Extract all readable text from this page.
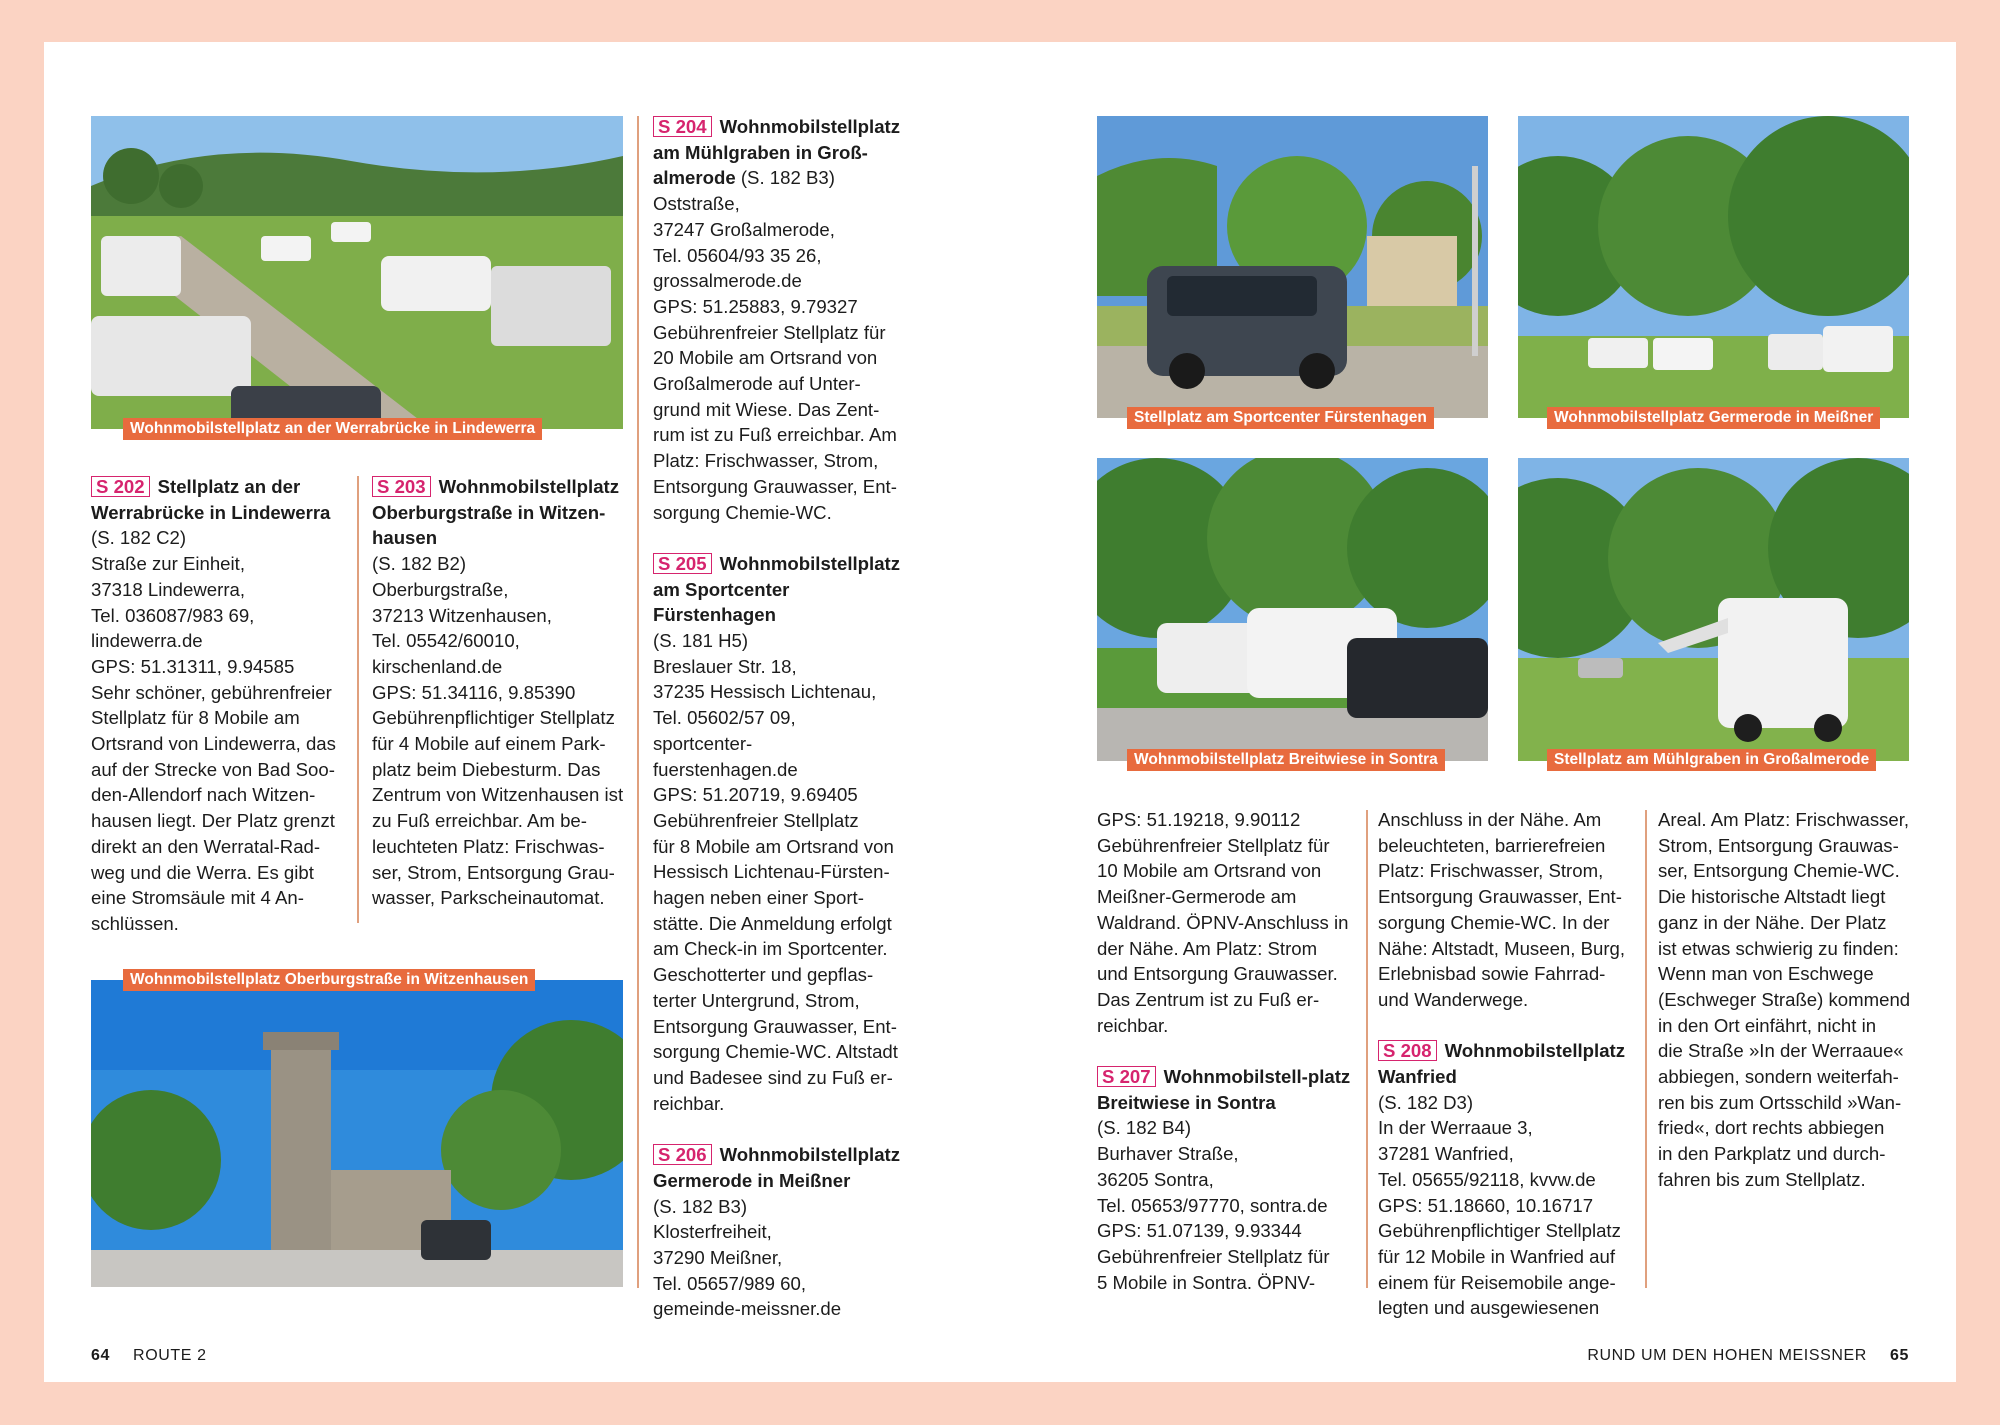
Wohnmobilstellplatz an der Werrabrücke in Lindewerra
Wohnmobilstellplatz Oberburgstraße in Witzenhausen

S 202 Stellplatz an der Werrabrücke in Lindewerra
(S. 182 C2)
Straße zur Einheit,
37318 Lindewerra,
Tel. 036087/983 69,
lindewerra.de
GPS: 51.31311, 9.94585
Sehr schöner, gebührenfreier
Stellplatz für 8 Mobile am
Ortsrand von Lindewerra, das
auf der Strecke von Bad Soo-
den-Allendorf nach Witzen-
hausen liegt. Der Platz grenzt
direkt an den Werratal-Rad-
weg und die Werra. Es gibt
eine Stromsäule mit 4 An-
schlüssen.

S 203 Wohnmobilstellplatz Oberburgstraße in Witzen-hausen
(S. 182 B2)
Oberburgstraße,
37213 Witzenhausen,
Tel. 05542/60010,
kirschenland.de
GPS: 51.34116, 9.85390
Gebührenpflichtiger Stellplatz
für 4 Mobile auf einem Park-
platz beim Diebesturm. Das
Zentrum von Witzenhausen ist
zu Fuß erreichbar. Am be-
leuchteten Platz: Frischwas-
ser, Strom, Entsorgung Grau-
wasser, Parkscheinautomat.

S 204 Wohnmobilstellplatz am Mühlgraben in Groß-almerode (S. 182 B3)
Oststraße,
37247 Großalmerode,
Tel. 05604/93 35 26,
grossalmerode.de
GPS: 51.25883, 9.79327
Gebührenfreier Stellplatz für
20 Mobile am Ortsrand von
Großalmerode auf Unter-
grund mit Wiese. Das Zent-
rum ist zu Fuß erreichbar. Am
Platz: Frischwasser, Strom,
Entsorgung Grauwasser, Ent-
sorgung Chemie-WC.

S 205 Wohnmobilstellplatz am Sportcenter Fürstenhagen
(S. 181 H5)
Breslauer Str. 18,
37235 Hessisch Lichtenau,
Tel. 05602/57 09,
sportcenter-
fuerstenhagen.de
GPS: 51.20719, 9.69405
Gebührenfreier Stellplatz
für 8 Mobile am Ortsrand von
Hessisch Lichtenau-Fürsten-
hagen neben einer Sport-
stätte. Die Anmeldung erfolgt
am Check-in im Sportcenter.
Geschotterter und gepflas-
terter Untergrund, Strom,
Entsorgung Grauwasser, Ent-
sorgung Chemie-WC. Altstadt
und Badesee sind zu Fuß er-
reichbar.

S 206 Wohnmobilstellplatz Germerode in Meißner
(S. 182 B3)
Klosterfreiheit,
37290 Meißner,
Tel. 05657/989 60,
gemeinde-meissner.de

Stellplatz am Sportcenter Fürstenhagen	Wohnmobilstellplatz Germerode in Meißner
Wohnmobilstellplatz Breitwiese in Sontra	Stellplatz am Mühlgraben in Großalmerode

GPS: 51.19218, 9.90112
Gebührenfreier Stellplatz für
10 Mobile am Ortsrand von
Meißner-Germerode am
Waldrand. ÖPNV-Anschluss in
der Nähe. Am Platz: Strom
und Entsorgung Grauwasser.
Das Zentrum ist zu Fuß er-
reichbar.

S 207 Wohnmobilstell-platz Breitwiese in Sontra
(S. 182 B4)
Burhaver Straße,
36205 Sontra,
Tel. 05653/97770, sontra.de
GPS: 51.07139, 9.93344
Gebührenfreier Stellplatz für
5 Mobile in Sontra. ÖPNV-

Anschluss in der Nähe. Am
beleuchteten, barrierefreien
Platz: Frischwasser, Strom,
Entsorgung Grauwasser, Ent-
sorgung Chemie-WC. In der
Nähe: Altstadt, Museen, Burg,
Erlebnisbad sowie Fahrrad-
und Wanderwege.

S 208 Wohnmobilstellplatz Wanfried
(S. 182 D3)
In der Werraaue 3,
37281 Wanfried,
Tel. 05655/92118, kvvw.de
GPS: 51.18660, 10.16717
Gebührenpflichtiger Stellplatz
für 12 Mobile in Wanfried auf
einem für Reisemobile ange-
legten und ausgewiesenen

Areal. Am Platz: Frischwasser,
Strom, Entsorgung Grauwas-
ser, Entsorgung Chemie-WC.
Die historische Altstadt liegt
ganz in der Nähe. Der Platz
ist etwas schwierig zu finden:
Wenn man von Eschwege
(Eschweger Straße) kommend
in den Ort einfährt, nicht in
die Straße »In der Werraaue«
abbiegen, sondern weiterfah-
ren bis zum Ortsschild »Wan-
fried«, dort rechts abbiegen
in den Parkplatz und durch-
fahren bis zum Stellplatz.

64 ROUTE 2	RUND UM DEN HOHEN MEISSNER 65
